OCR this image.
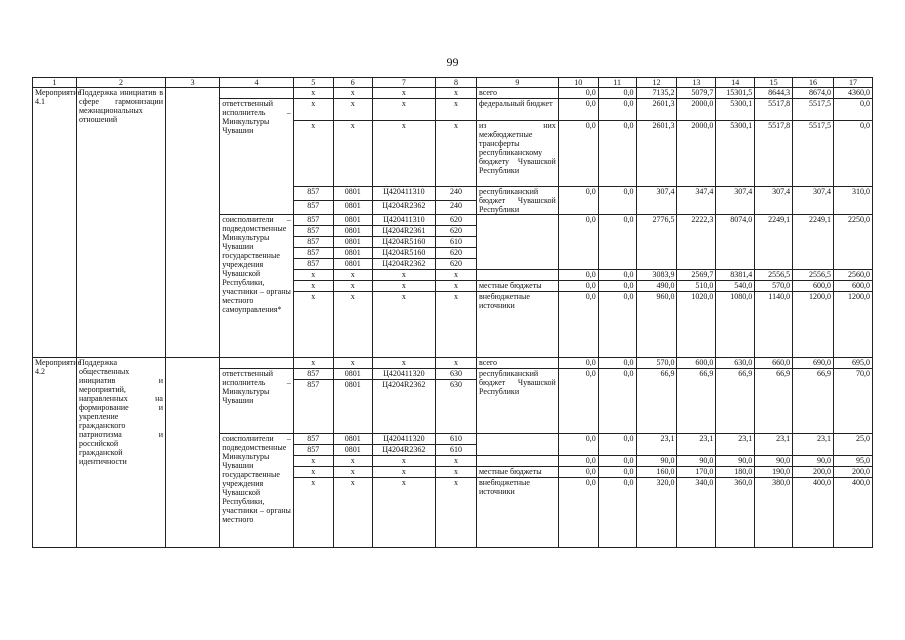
99
1	2	3	4	5	6	7	8	9	10	11	12	13	14	15	16	17
Мероприятие 4.1	Поддержка инициатив в сфере гармонизации межнациональных отношений			x	x	x	x	всего	0,0	0,0	7135,2	5079,7	15301,5	8644,3	8674,0	4360,0
			ответственный исполнитель – Минкультуры Чувашии	x	x	x	x	федеральный бюджет	0,0	0,0	2601,3	2000,0	5300,1	5517,8	5517,5	0,0
				x	x	x	x	из них межбюджетные трансферты республиканскому бюджету Чувашской Республики	0,0	0,0	2601,3	2000,0	5300,1	5517,8	5517,5	0,0
				857	0801	Ц420411310	240	республиканский бюджет Чувашской Республики	0,0	0,0	307,4	347,4	307,4	307,4	307,4	310,0
				857	0801	Ц4204R2362	240									
			соисполнители – подведомственные Минкультуры Чувашии государственные учреждения Чувашской Республики, участники – органы местного самоуправления*	857	0801	Ц420411310	620		0,0	0,0	2776,5	2222,3	8074,0	2249,1	2249,1	2250,0
				857	0801	Ц4204R2361	620									
				857	0801	Ц4204R5160	610									
				857	0801	Ц4204R5160	620									
				857	0801	Ц4204R2362	620									
				x	x	x	x		0,0	0,0	3083,9	2569,7	8381,4	2556,5	2556,5	2560,0
				x	x	x	x	местные бюджеты	0,0	0,0	490,0	510,0	540,0	570,0	600,0	600,0
				x	x	x	x	внебюджетные источники	0,0	0,0	960,0	1020,0	1080,0	1140,0	1200,0	1200,0
Мероприятие 4.2	Поддержка общественных инициатив и мероприятий, направленных на формирование и укрепление гражданского патриотизма и российской гражданской идентичности			x	x	x	x	всего	0,0	0,0	570,0	600,0	630,0	660,0	690,0	695,0
			ответственный исполнитель – Минкультуры Чувашии	857	0801	Ц420411320	630	республиканский бюджет Чувашской Республики	0,0	0,0	66,9	66,9	66,9	66,9	66,9	70,0
				857	0801	Ц4204R2362	630									
			соисполнители – подведомственные Минкультуры Чувашии государственные учреждения Чувашской Республики, участники – органы местного	857	0801	Ц420411320	610		0,0	0,0	23,1	23,1	23,1	23,1	23,1	25,0
				857	0801	Ц4204R2362	610									
				x	x	x	x		0,0	0,0	90,0	90,0	90,0	90,0	90,0	95,0
				x	x	x	x	местные бюджеты	0,0	0,0	160,0	170,0	180,0	190,0	200,0	200,0
				x	x	x	x	внебюджетные источники	0,0	0,0	320,0	340,0	360,0	380,0	400,0	400,0
